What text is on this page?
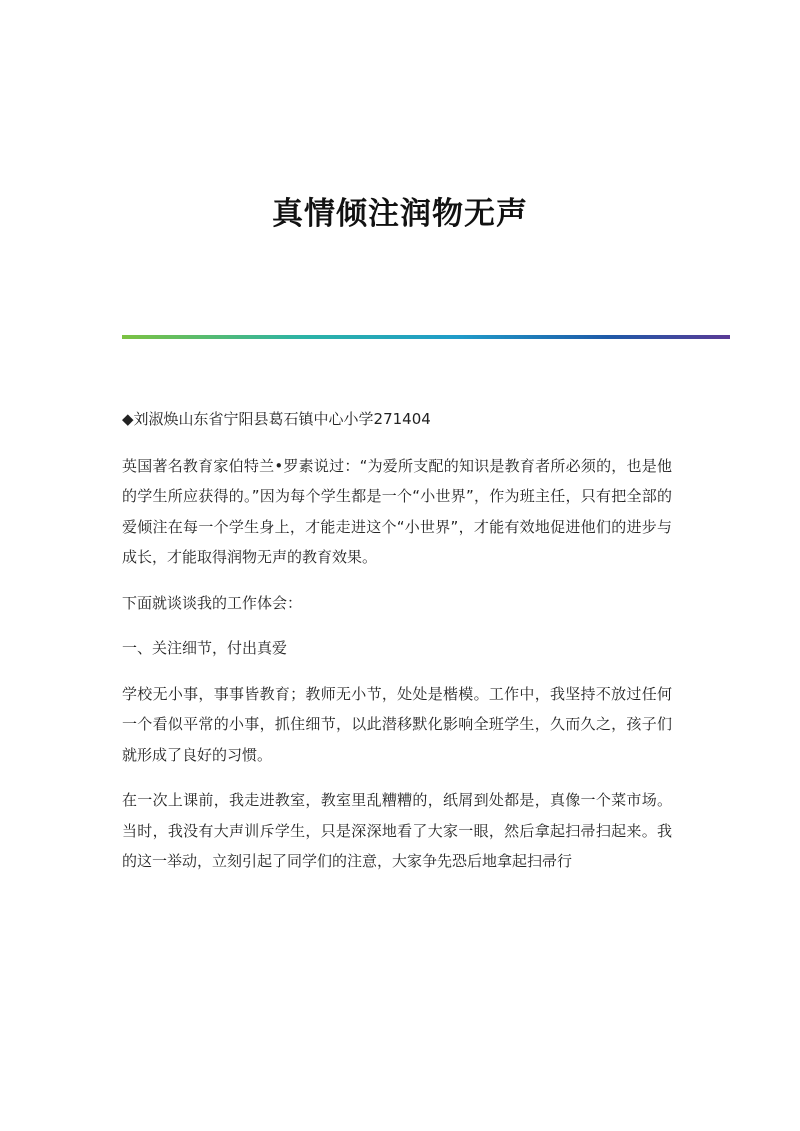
真情倾注润物无声

◆刘淑焕山东省宁阳县葛石镇中心小学271404

英国著名教育家伯特兰•罗素说过：“为爱所支配的知识是教育者所必须的，也是他的学生所应获得的。”因为每个学生都是一个“小世界”，作为班主任，只有把全部的爱倾注在每一个学生身上，才能走进这个“小世界”，才能有效地促进他们的进步与成长，才能取得润物无声的教育效果。

下面就谈谈我的工作体会：

一、关注细节，付出真爱

学校无小事，事事皆教育；教师无小节，处处是楷模。工作中，我坚持不放过任何一个看似平常的小事，抓住细节，以此潜移默化影响全班学生，久而久之，孩子们就形成了良好的习惯。

在一次上课前，我走进教室，教室里乱糟糟的，纸屑到处都是，真像一个菜市场。当时，我没有大声训斥学生，只是深深地看了大家一眼，然后拿起扫帚扫起来。我的这一举动，立刻引起了同学们的注意，大家争先恐后地拿起扫帚行
